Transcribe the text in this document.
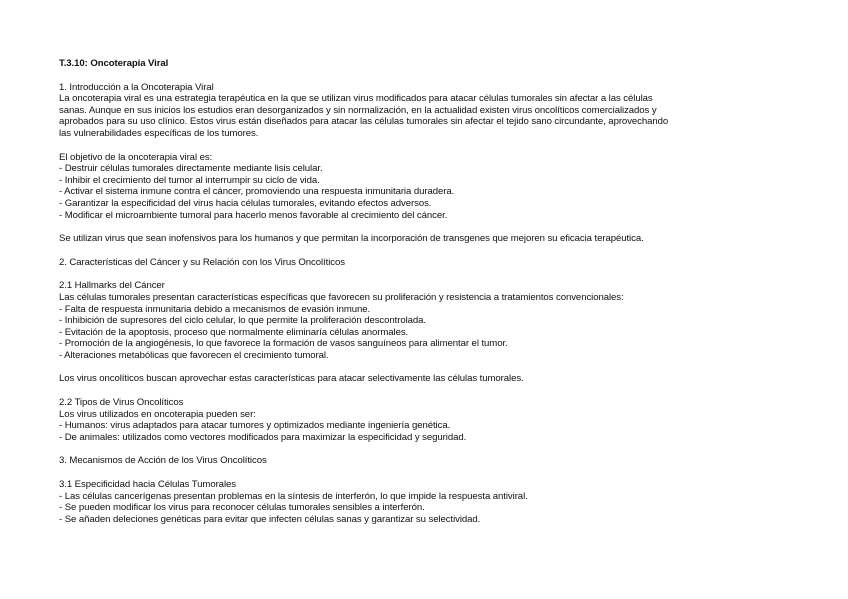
T.3.10: Oncoterapia Viral
1. Introducción a la Oncoterapia Viral
La oncoterapia viral es una estrategia terapéutica en la que se utilizan virus modificados para atacar células tumorales sin afectar a las células
sanas. Aunque en sus inicios los estudios eran desorganizados y sin normalización, en la actualidad existen virus oncolíticos comercializados y
aprobados para su uso clínico. Estos virus están diseñados para atacar las células tumorales sin afectar el tejido sano circundante, aprovechando
las vulnerabilidades específicas de los tumores.
El objetivo de la oncoterapia viral es:
- Destruir células tumorales directamente mediante lisis celular.
- Inhibir el crecimiento del tumor al interrumpir su ciclo de vida.
- Activar el sistema inmune contra el cáncer, promoviendo una respuesta inmunitaria duradera.
- Garantizar la especificidad del virus hacia células tumorales, evitando efectos adversos.
- Modificar el microambiente tumoral para hacerlo menos favorable al crecimiento del cáncer.
Se utilizan virus que sean inofensivos para los humanos y que permitan la incorporación de transgenes que mejoren su eficacia terapéutica.
2. Características del Cáncer y su Relación con los Virus Oncolíticos
2.1 Hallmarks del Cáncer
Las células tumorales presentan características específicas que favorecen su proliferación y resistencia a tratamientos convencionales:
- Falta de respuesta inmunitaria debido a mecanismos de evasión inmune.
- Inhibición de supresores del ciclo celular, lo que permite la proliferación descontrolada.
- Evitación de la apoptosis, proceso que normalmente eliminaría células anormales.
- Promoción de la angiogénesis, lo que favorece la formación de vasos sanguíneos para alimentar el tumor.
- Alteraciones metabólicas que favorecen el crecimiento tumoral.
Los virus oncolíticos buscan aprovechar estas características para atacar selectivamente las células tumorales.
2.2 Tipos de Virus Oncolíticos
Los virus utilizados en oncoterapia pueden ser:
- Humanos: virus adaptados para atacar tumores y optimizados mediante ingeniería genética.
- De animales: utilizados como vectores modificados para maximizar la especificidad y seguridad.
3. Mecanismos de Acción de los Virus Oncolíticos
3.1 Especificidad hacia Células Tumorales
- Las células cancerígenas presentan problemas en la síntesis de interferón, lo que impide la respuesta antiviral.
- Se pueden modificar los virus para reconocer células tumorales sensibles a interferón.
- Se añaden deleciones genéticas para evitar que infecten células sanas y garantizar su selectividad.
